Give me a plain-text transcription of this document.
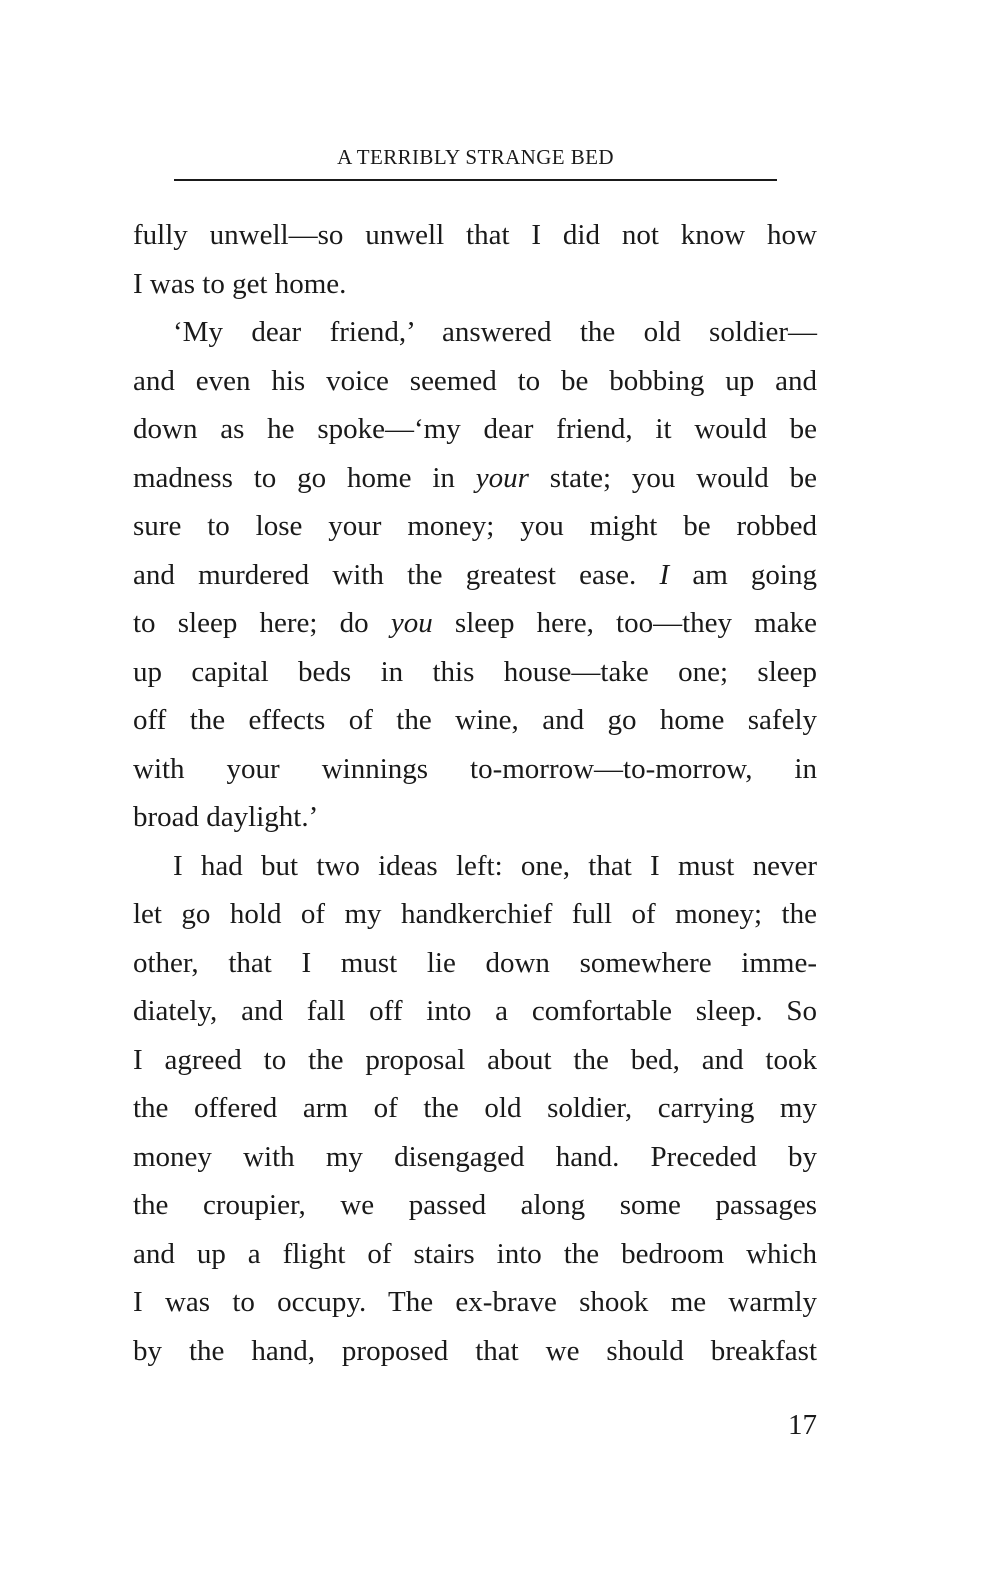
A TERRIBLY STRANGE BED
fully unwell—so unwell that I did not know how
I was to get home.
‘My dear friend,’ answered the old soldier—
and even his voice seemed to be bobbing up and
down as he spoke—‘my dear friend, it would be
madness to go home in your state; you would be
sure to lose your money; you might be robbed
and murdered with the greatest ease. I am going
to sleep here; do you sleep here, too—they make
up capital beds in this house—take one; sleep
off the effects of the wine, and go home safely
with your winnings to-morrow—to-morrow, in
broad daylight.’
I had but two ideas left: one, that I must never
let go hold of my handkerchief full of money; the
other, that I must lie down somewhere imme-
diately, and fall off into a comfortable sleep. So
I agreed to the proposal about the bed, and took
the offered arm of the old soldier, carrying my
money with my disengaged hand. Preceded by
the croupier, we passed along some passages
and up a flight of stairs into the bedroom which
I was to occupy. The ex-brave shook me warmly
by the hand, proposed that we should breakfast
17
